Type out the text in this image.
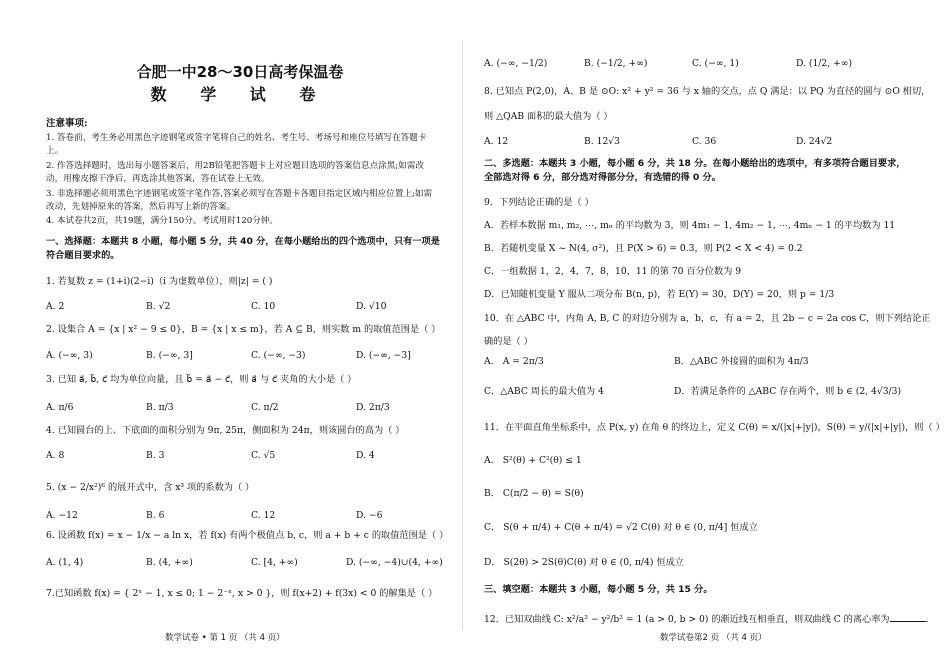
合肥一中28～30日高考保温卷
数 学 试 卷
注意事项:
1. 答卷前，考生务必用黑色字迹钢笔或签字笔将自己的姓名、考生号、考场号和座位号填写在答题卡上。
2. 作答选择题时，选出每小题答案后，用2B铅笔把答题卡上对应题目选项的答案信息点涂黑;如需改动，用橡皮擦干净后，再选涂其他答案，答在试卷上无效。
3. 非选择题必须用黑色字迹钢笔或签字笔作答,答案必须写在答题卡各题目指定区域内相应位置上;如需改动，先划掉原来的答案，然后再写上新的答案。
4. 本试卷共2页，共19题，满分150分。考试用时120分钟。
一、选择题：本题共 8 小题，每小题 5 分，共 40 分，在每小题给出的四个选项中，只有一项是符合题目要求的。
1. 若复数 z = (1+i)(2−i)（i 为虚数单位），则|z| = ( )
A. 2	B. √2	C. 10	D. √10
2. 设集合 A = {x | x² − 9 ≤ 0}，B = {x | x ≤ m}，若 A ⊆ B，则实数 m 的取值范围是（ ）
A. (−∞, 3)	B. (−∞, 3]	C. (−∞, −3)	D. (−∞, −3]
3. 已知 a⃗, b⃗, c⃗ 均为单位向量，且 b⃗ = a⃗ − c⃗，则 a⃗ 与 c⃗ 夹角的大小是（ ）
A. π/6	B. π/3	C. π/2	D. 2π/3
4. 已知圆台的上、下底面的面积分别为 9π, 25π，侧面积为 24π，则该圆台的高为（ ）
A. 8	B. 3	C. √5	D. 4
5. (x − 2/x²)⁶ 的展开式中，含 x³ 项的系数为（ ）
A. −12	B. 6	C. 12	D. −6
6. 设函数 f(x) = x − 1/x − a ln x，若 f(x) 有两个极值点 b, c，则 a + b + c 的取值范围是（ ）
A. (1, 4)	B. (4, +∞)	C. [4, +∞)	D. (−∞, −4)∪(4, +∞)
7.已知函数 f(x) = { 2ˣ − 1, x ≤ 0; 1 − 2⁻ˣ, x > 0 }，则 f(x+2) + f(3x) < 0 的解集是（ ）
数学试卷 • 第 1 页 （共 4 页）
A. (−∞, −1/2)	B. (−1/2, +∞)	C. (−∞, 1)	D. (1/2, +∞)
8. 已知点 P(2,0)，A、B 是 ⊙O: x² + y² = 36 与 x 轴的交点，点 Q 满足：以 PQ 为直径的圆与 ⊙O 相切，
则 △QAB 面积的最大值为（ ）
A. 12	B. 12√3	C. 36	D. 24√2
二、多选题：本题共 3 小题，每小题 6 分，共 18 分。在每小题给出的选项中，有多项符合题目要求，全部选对得 6 分，部分选对得部分分，有选错的得 0 分。
9．下列结论正确的是（ ）
A．若样本数据 m₁, m₂, ⋯, mₙ 的平均数为 3，则 4m₁ − 1, 4m₂ − 1, ⋯, 4mₙ − 1 的平均数为 11
B．若随机变量 X ~ N(4, σ²)，且 P(X > 6) = 0.3，则 P(2 < X < 4) = 0.2
C．一组数据 1，2，4，7，8，10，11 的第 70 百分位数为 9
D．已知随机变量 Y 服从二项分布 B(n, p)，若 E(Y) = 30，D(Y) = 20，则 p = 1/3
10．在 △ABC 中，内角 A, B, C 的对边分别为 a，b，c，有 a = 2，且 2b − c = 2a cos C，则下列结论正
确的是（ ）
A． A = 2π/3	B．△ABC 外接圆的面积为 4π/3
C．△ABC 周长的最大值为 4	D．若满足条件的 △ABC 存在两个，则 b ∈ (2, 4√3/3)
11．在平面直角坐标系中，点 P(x, y) 在角 θ 的终边上，定义 C(θ) = x/(|x|+|y|)，S(θ) = y/(|x|+|y|)，则（ ）
A． S²(θ) + C²(θ) ≤ 1
B． C(π/2 − θ) = S(θ)
C． S(θ + π/4) + C(θ + π/4) = √2 C(θ) 对 θ ∈ (0, π/4] 恒成立
D． S(2θ) > 2S(θ)C(θ) 对 θ ∈ (0, π/4) 恒成立
三、填空题：本题共 3 小题，每小题 5 分，共 15 分。
12．已知双曲线 C: x²/a² − y²/b² = 1 (a > 0, b > 0) 的渐近线互相垂直，则双曲线 C 的离心率为	.
数学试卷第2 页 （共 4 页）
